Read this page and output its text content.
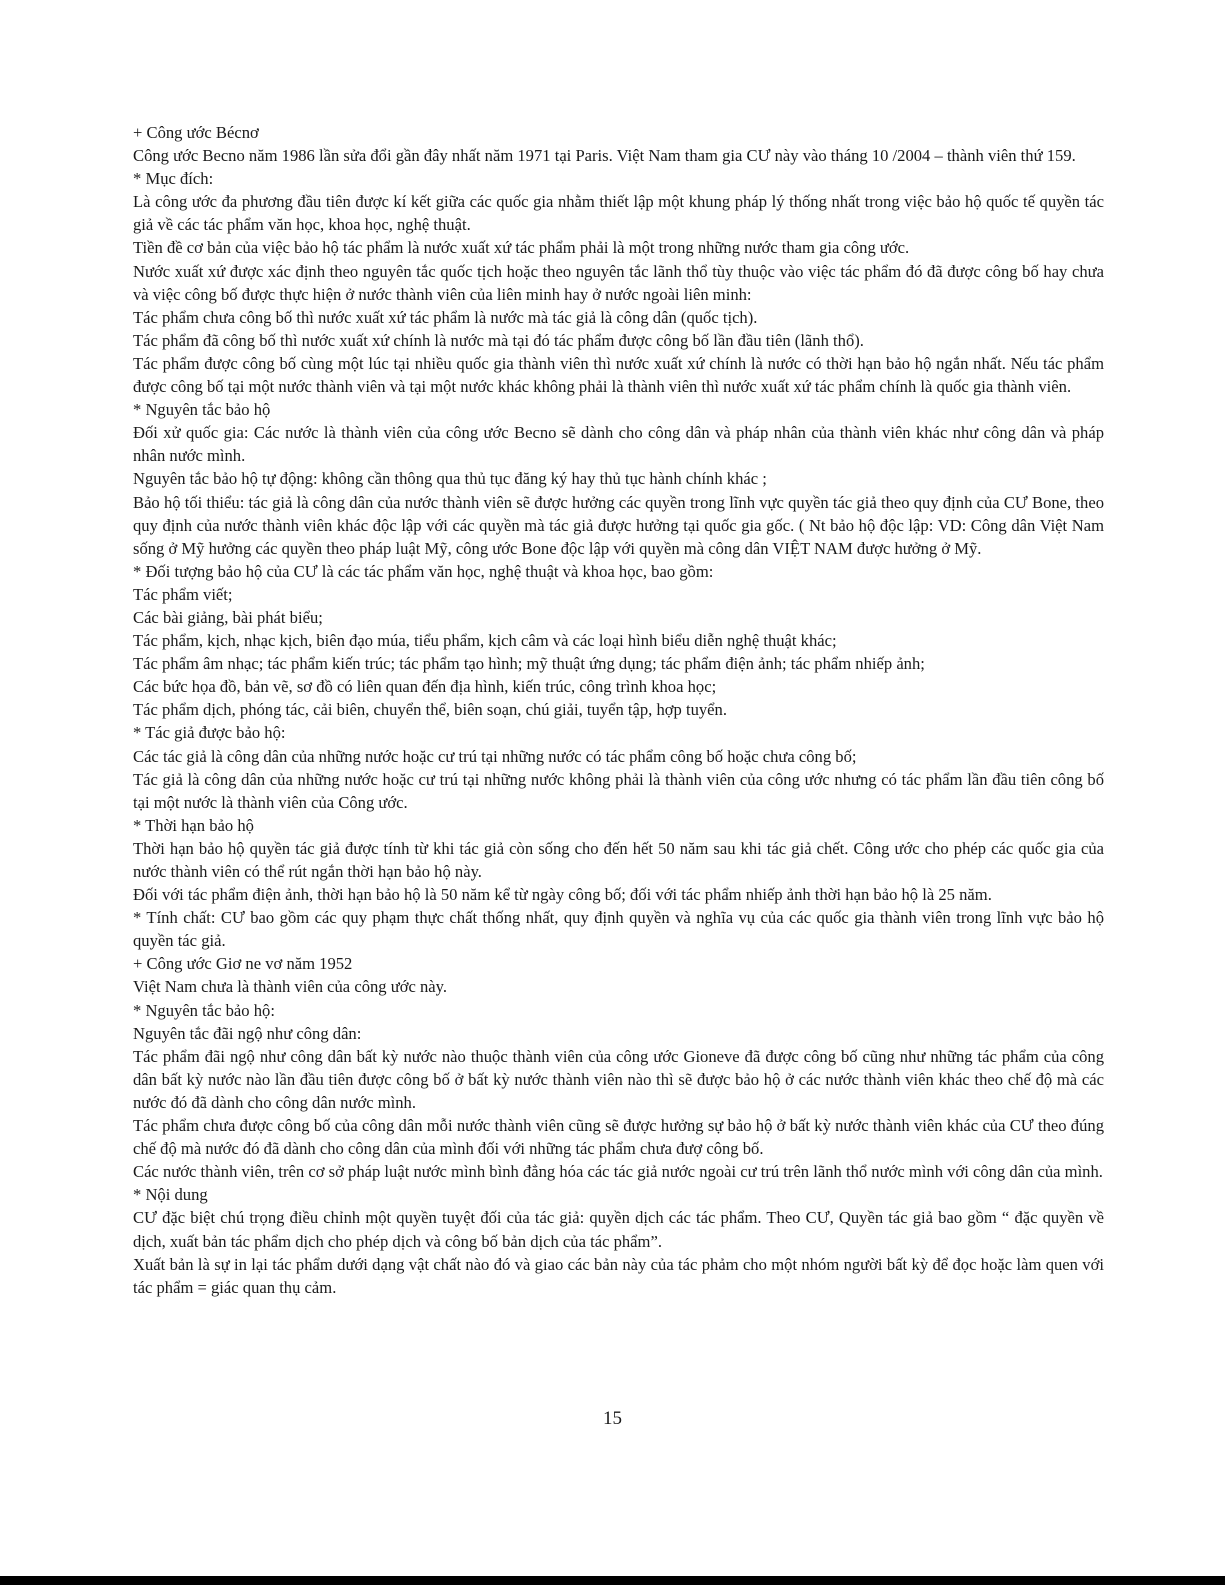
+ Công ước Bécnơ

Công ước Becno năm 1986 lần sửa đổi gần đây nhất năm 1971 tại Paris. Việt Nam tham gia CƯ này vào tháng 10 /2004 – thành viên thứ 159.

* Mục đích:

Là công ước đa phương đầu tiên được kí kết giữa các quốc gia nhằm thiết lập một khung pháp lý thống nhất trong việc bảo hộ quốc tế quyền tác giả về các tác phẩm văn học, khoa học, nghệ thuật.

Tiền đề cơ bản của việc bảo hộ tác phẩm là nước xuất xứ tác phẩm phải là một trong những nước tham gia công ước.

Nước xuất xứ được xác định theo nguyên tắc quốc tịch hoặc theo nguyên tắc lãnh thổ tùy thuộc vào việc tác phẩm đó đã được công bố hay chưa và việc công bố được thực hiện ở nước thành viên của liên minh hay ở nước ngoài liên minh:

Tác phẩm chưa công bố thì nước xuất xứ tác phẩm là nước mà tác giả là công dân (quốc tịch).

Tác phẩm đã công bố thì nước xuất xứ chính là nước mà tại đó tác phẩm được công bố lần đầu tiên (lãnh thổ).

Tác phẩm được công bố cùng một lúc tại nhiều quốc gia thành viên thì nước xuất xứ chính là nước có thời hạn bảo hộ ngắn nhất. Nếu tác phẩm được công bố tại một nước thành viên và tại một nước khác không phải là thành viên thì nước xuất xứ tác phẩm chính là quốc gia thành viên.

* Nguyên tắc bảo hộ

Đối xử quốc gia: Các nước là thành viên của công ước Becno sẽ dành cho công dân và pháp nhân của thành viên khác như công dân và pháp nhân nước mình.

Nguyên tắc bảo hộ tự động: không cần thông qua thủ tục đăng ký hay thủ tục hành chính khác ;

Bảo hộ tối thiểu: tác giả là công dân của nước thành viên sẽ được hưởng các quyền trong lĩnh vực quyền tác giả theo quy định của CƯ Bone, theo quy định của nước thành viên khác độc lập với các quyền mà tác giả được hưởng tại quốc gia gốc. ( Nt bảo hộ độc lập: VD: Công dân Việt Nam sống ở Mỹ hưởng các quyền theo pháp luật Mỹ, công ước Bone độc lập với quyền mà công dân VIỆT NAM được hưởng ở Mỹ.

* Đối tượng bảo hộ của CƯ là các tác phẩm văn học, nghệ thuật và khoa học, bao gồm:

Tác phẩm viết;

Các bài giảng, bài phát biểu;

Tác phẩm, kịch, nhạc kịch, biên đạo múa, tiểu phẩm, kịch câm và các loại hình biểu diễn nghệ thuật khác;

Tác phẩm âm nhạc; tác phẩm kiến trúc; tác phẩm tạo hình; mỹ thuật ứng dụng; tác phẩm điện ảnh; tác phẩm nhiếp ảnh;

Các bức họa đồ, bản vẽ, sơ đồ có liên quan đến địa hình, kiến trúc, công trình khoa học;

Tác phẩm dịch, phóng tác, cải biên, chuyển thể, biên soạn, chú giải, tuyển tập, hợp tuyển.

* Tác giả được bảo hộ:

Các tác giả là công dân của những nước hoặc cư trú tại những nước có tác phẩm công bố hoặc chưa công bố;

Tác giả là công dân của những nước hoặc cư trú tại những nước không phải là thành viên của công ước nhưng có tác phẩm lần đầu tiên công bố tại một nước là thành viên của Công ước.

* Thời hạn bảo hộ

Thời hạn bảo hộ quyền tác giả được tính từ khi tác giả còn sống cho đến hết 50 năm sau khi tác giả chết. Công ước cho phép các quốc gia của nước thành viên có thể rút ngắn thời hạn bảo hộ này.

Đối với tác phẩm điện ảnh, thời hạn bảo hộ là 50 năm kể từ ngày công bố; đối với tác phẩm nhiếp ảnh thời hạn bảo hộ là 25 năm.

* Tính chất: CƯ bao gồm các quy phạm thực chất thống nhất, quy định quyền và nghĩa vụ của các quốc gia thành viên trong lĩnh vực bảo hộ quyền tác giả.

+ Công ước Giơ ne vơ năm 1952

Việt Nam chưa là thành viên của công ước này.

* Nguyên tắc bảo hộ:

Nguyên tắc đãi ngộ như công dân:

Tác phẩm đãi ngộ như công dân bất kỳ nước nào thuộc thành viên của công ước Gioneve đã được công bố cũng như những tác phẩm của công dân bất kỳ nước nào lần đầu tiên được công bố ở bất kỳ nước thành viên nào thì sẽ được bảo hộ ở các nước thành viên khác theo chế độ mà các nước đó đã dành cho công dân nước mình.

Tác phẩm chưa được công bố của công dân mỗi nước thành viên cũng sẽ được hưởng sự bảo hộ ở bất kỳ nước thành viên khác của CƯ theo đúng chế độ mà nước đó đã dành cho công dân của mình đối với những tác phẩm chưa đượ công bố.

Các nước thành viên, trên cơ sở pháp luật nước mình bình đẳng hóa các tác giả nước ngoài cư trú trên lãnh thổ nước mình với công dân của mình.

* Nội dung

CƯ đặc biệt chú trọng điều chỉnh một quyền tuyệt đối của tác giả: quyền dịch các tác phẩm. Theo CƯ, Quyền tác giả bao gồm “ đặc quyền về dịch, xuất bản tác phẩm dịch cho phép dịch và công bố bản dịch của tác phẩm”.

Xuất bản là sự in lại tác phẩm dưới dạng vật chất nào đó và giao các bản này của tác phảm cho một nhóm người bất kỳ để đọc hoặc làm quen với tác phẩm = giác quan thụ cảm.

15
